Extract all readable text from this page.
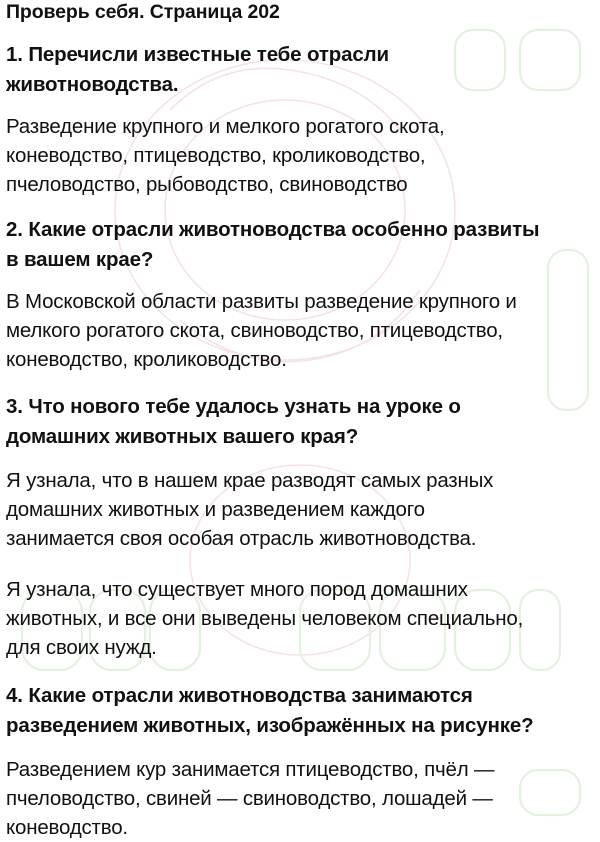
Проверь себя. Страница 202
1. Перечисли известные тебе отрасли
животноводства.
Разведение крупного и мелкого рогатого скота,
коневодство, птицеводство, кролиководство,
пчеловодство, рыбоводство, свиноводство
2. Какие отрасли животноводства особенно развиты
в вашем крае?
В Московской области развиты разведение крупного и
мелкого рогатого скота, свиноводство, птицеводство,
коневодство, кролиководство.
3. Что нового тебе удалось узнать на уроке о
домашних животных вашего края?
Я узнала, что в нашем крае разводят самых разных
домашних животных и разведением каждого
занимается своя особая отрасль животноводства.
Я узнала, что существует много пород домашних
животных, и все они выведены человеком специально,
для своих нужд.
4. Какие отрасли животноводства занимаются
разведением животных, изображённых на рисунке?
Разведением кур занимается птицеводство, пчёл —
пчеловодство, свиней — свиноводство, лошадей —
коневодство.
